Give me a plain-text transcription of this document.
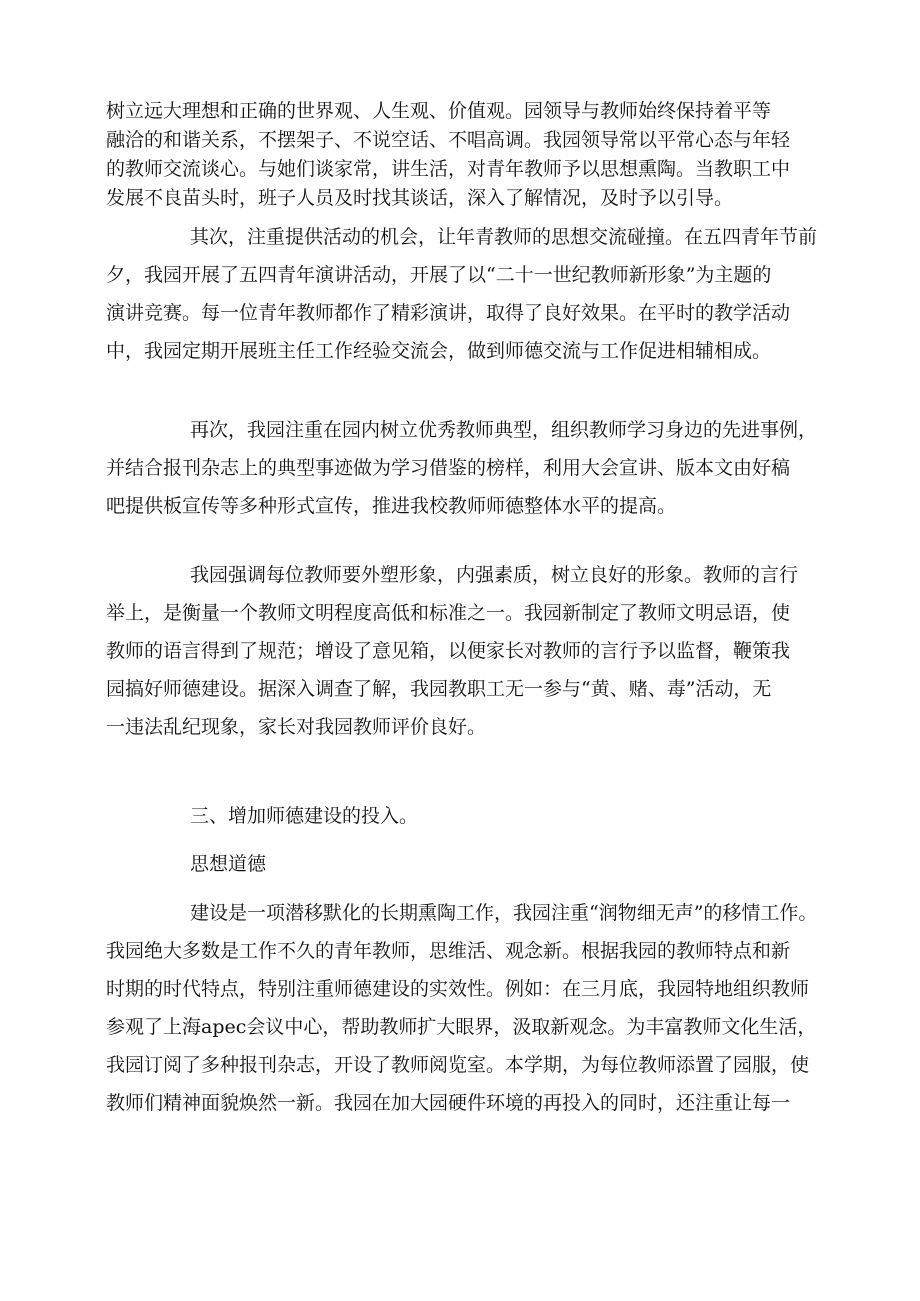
树立远大理想和正确的世界观、人生观、价值观。园领导与教师始终保持着平等
融洽的和谐关系，不摆架子、不说空话、不唱高调。我园领导常以平常心态与年轻
的教师交流谈心。与她们谈家常，讲生活，对青年教师予以思想熏陶。当教职工中
发展不良苗头时，班子人员及时找其谈话，深入了解情况，及时予以引导。
其次，注重提供活动的机会，让年青教师的思想交流碰撞。在五四青年节前
夕，我园开展了五四青年演讲活动，开展了以“二十一世纪教师新形象”为主题的
演讲竞赛。每一位青年教师都作了精彩演讲，取得了良好效果。在平时的教学活动
中，我园定期开展班主任工作经验交流会，做到师德交流与工作促进相辅相成。
再次，我园注重在园内树立优秀教师典型，组织教师学习身边的先进事例，
并结合报刊杂志上的典型事迹做为学习借鉴的榜样，利用大会宣讲、版本文由好稿
吧提供板宣传等多种形式宣传，推进我校教师师德整体水平的提高。
我园强调每位教师要外塑形象，内强素质，树立良好的形象。教师的言行
举上，是衡量一个教师文明程度高低和标准之一。我园新制定了教师文明忌语，使
教师的语言得到了规范；增设了意见箱，以便家长对教师的言行予以监督，鞭策我
园搞好师德建设。据深入调查了解，我园教职工无一参与“黄、赌、毒”活动，无
一违法乱纪现象，家长对我园教师评价良好。
三、增加师德建设的投入。
思想道德
建设是一项潜移默化的长期熏陶工作，我园注重“润物细无声”的移情工作。
我园绝大多数是工作不久的青年教师，思维活、观念新。根据我园的教师特点和新
时期的时代特点，特别注重师德建设的实效性。例如：在三月底，我园特地组织教师
参观了上海apec会议中心，帮助教师扩大眼界，汲取新观念。为丰富教师文化生活，
我园订阅了多种报刊杂志，开设了教师阅览室。本学期，为每位教师添置了园服，使
教师们精神面貌焕然一新。我园在加大园硬件环境的再投入的同时，还注重让每一
